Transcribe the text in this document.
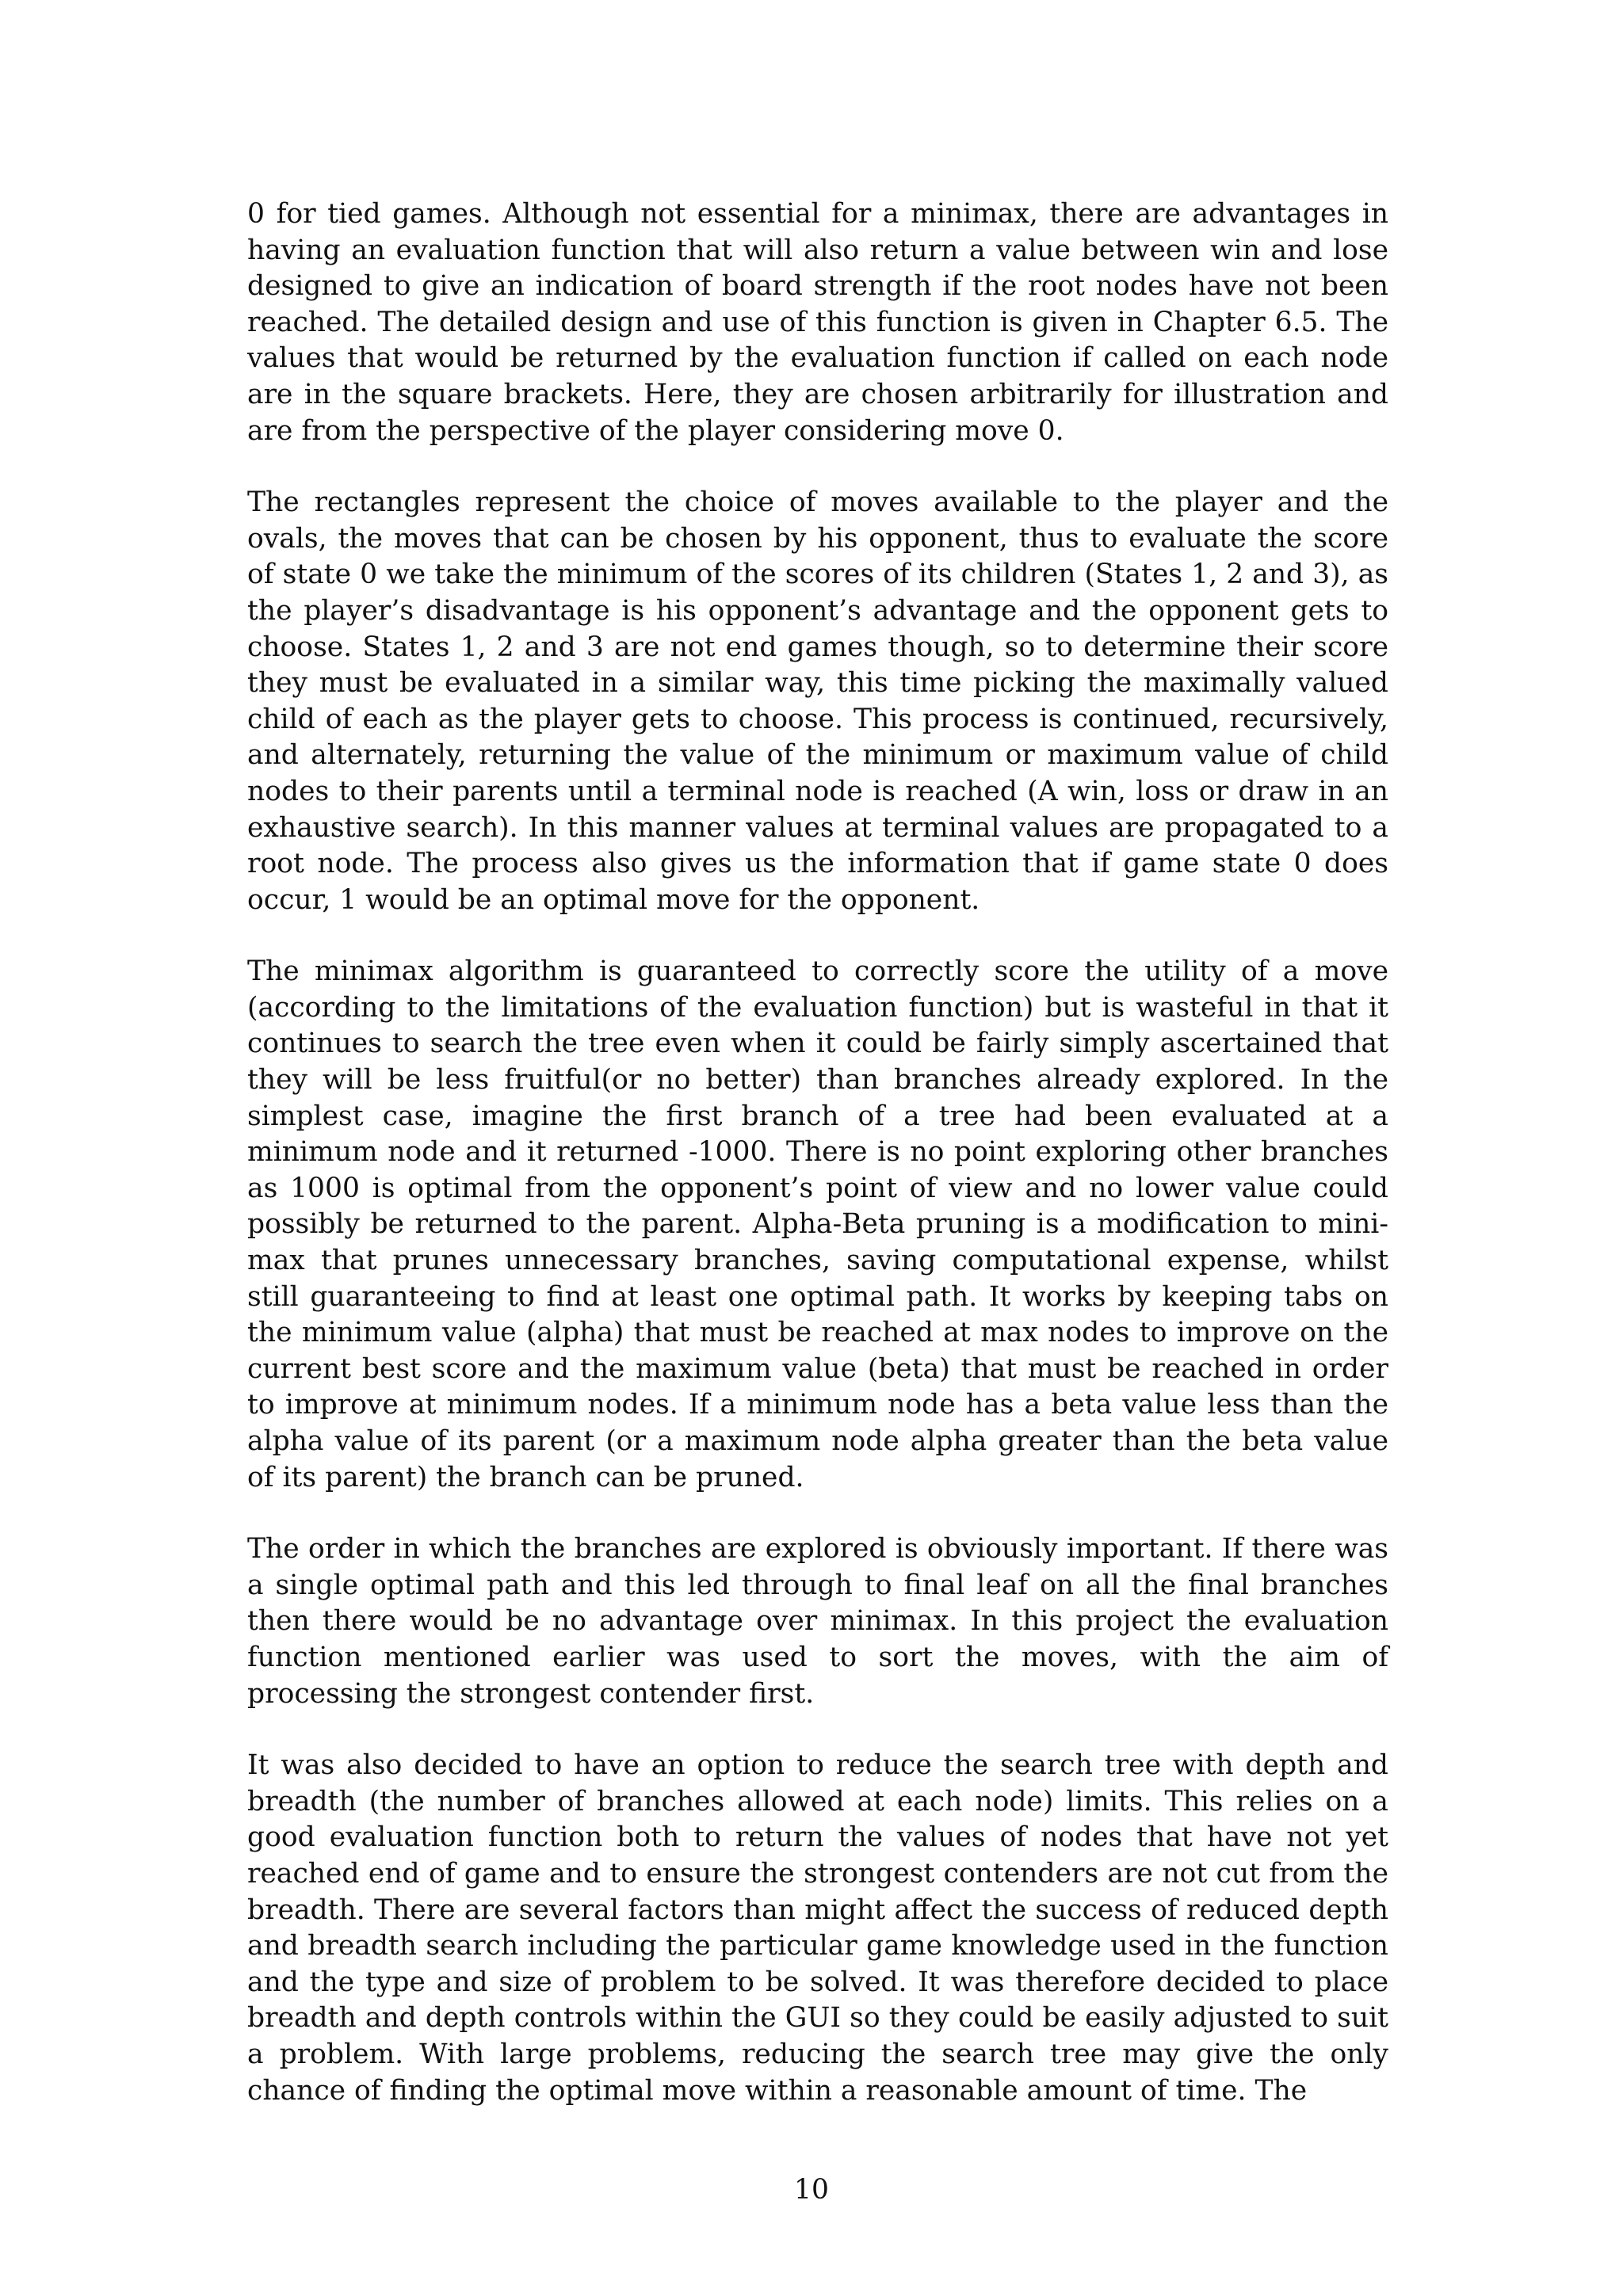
0 for tied games. Although not essential for a minimax, there are advantages in having an evaluation function that will also return a value between win and lose designed to give an indication of board strength if the root nodes have not been reached. The detailed design and use of this function is given in Chapter 6.5. The values that would be returned by the evaluation function if called on each node are in the square brackets. Here, they are chosen arbitrarily for illustration and are from the perspective of the player considering move 0.

The rectangles represent the choice of moves available to the player and the ovals, the moves that can be chosen by his opponent, thus to evaluate the score of state 0 we take the minimum of the scores of its children (States 1, 2 and 3), as the player’s disadvantage is his opponent’s advantage and the opponent gets to choose. States 1, 2 and 3 are not end games though, so to determine their score they must be evaluated in a similar way, this time picking the maximally valued child of each as the player gets to choose. This process is continued, recursively, and alternately, returning the value of the minimum or maximum value of child nodes to their parents until a terminal node is reached (A win, loss or draw in an exhaustive search). In this manner values at terminal values are propagated to a root node. The process also gives us the information that if game state 0 does occur, 1 would be an optimal move for the opponent.

The minimax algorithm is guaranteed to correctly score the utility of a move (according to the limitations of the evaluation function) but is wasteful in that it continues to search the tree even when it could be fairly simply ascertained that they will be less fruitful(or no better) than branches already explored. In the simplest case, imagine the first branch of a tree had been evaluated at a minimum node and it returned -1000. There is no point exploring other branches as 1000 is optimal from the opponent’s point of view and no lower value could possibly be returned to the parent. Alpha-Beta pruning is a modification to mini-max that prunes unnecessary branches, saving computational expense, whilst still guaranteeing to find at least one optimal path. It works by keeping tabs on the minimum value (alpha) that must be reached at max nodes to improve on the current best score and the maximum value (beta) that must be reached in order to improve at minimum nodes. If a minimum node has a beta value less than the alpha value of its parent (or a maximum node alpha greater than the beta value of its parent) the branch can be pruned.

The order in which the branches are explored is obviously important. If there was a single optimal path and this led through to final leaf on all the final branches then there would be no advantage over minimax. In this project the evaluation function mentioned earlier was used to sort the moves, with the aim of processing the strongest contender first.

It was also decided to have an option to reduce the search tree with depth and breadth (the number of branches allowed at each node) limits. This relies on a good evaluation function both to return the values of nodes that have not yet reached end of game and to ensure the strongest contenders are not cut from the breadth. There are several factors than might affect the success of reduced depth and breadth search including the particular game knowledge used in the function and the type and size of problem to be solved. It was therefore decided to place breadth and depth controls within the GUI so they could be easily adjusted to suit a problem. With large problems, reducing the search tree may give the only chance of finding the optimal move within a reasonable amount of time. The

10
